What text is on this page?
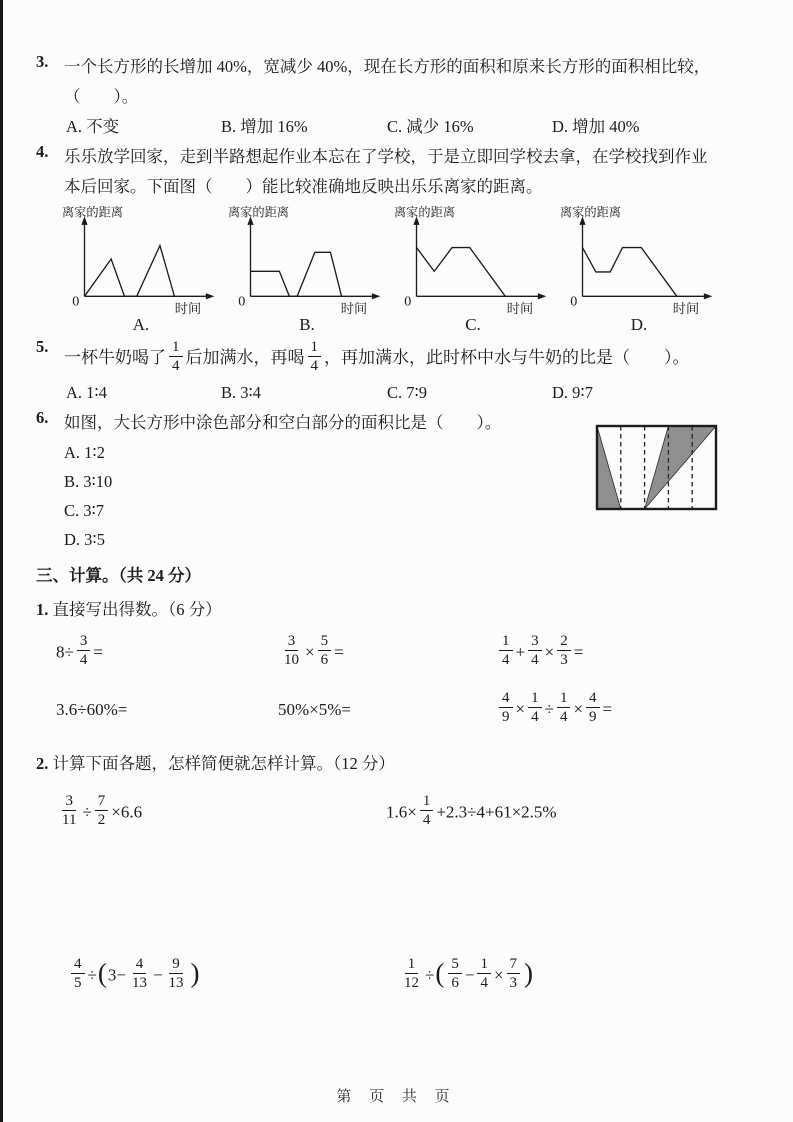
3. 一个长方形的长增加 40%，宽减少 40%，现在长方形的面积和原来长方形的面积相比较，
（　　）。
A. 不变	B. 增加 16%	C. 减少 16%	D. 增加 40%
4. 乐乐放学回家，走到半路想起作业本忘在了学校，于是立即回学校去拿，在学校找到作业
本后回家。下面图（　　）能比较准确地反映出乐乐离家的距离。
离家的距离
时间
0
A.
离家的距离
时间
0
B.
离家的距离
时间
0
C.
离家的距离
时间
0
D.
5.
一杯牛奶喝了 $\frac{1}{4}$ 后加满水，再喝 $\frac{1}{4}$ ，再加满水，此时杯中水与牛奶的比是（　　）。
A. 1∶4	B. 3∶4	C. 7∶9	D. 9∶7
6. 如图，大长方形中涂色部分和空白部分的面积比是（　　）。
A. 1∶2
B. 3∶10
C. 3∶7
D. 3∶5
三、计算。（共 24 分）
1. 直接写出得数。（6 分）
$8\div \frac{3}{4}$ =	$\frac{3}{10} \times \frac{5}{6}$ =	$\frac{1}{4} + \frac{3}{4} \times \frac{2}{3}$ =
3.6÷60%=	50%×5%=	$\frac{4}{9} \times \frac{1}{4} \div \frac{1}{4} \times \frac{4}{9}$ =
2. 计算下面各题，怎样简便就怎样计算。（12 分）
$\frac{3}{11} \div \frac{7}{2} \times 6.6$	$1.6\times \frac{1}{4} +2.3\div 4+61\times 2.5\%$
$\frac{4}{5} \div(3- \frac{4}{13} - \frac{9}{13}$ )	$\frac{1}{12}$ ÷( $\frac{5}{6} - \frac{1}{4} \times \frac{7}{3}$ )
第 页 共 页
